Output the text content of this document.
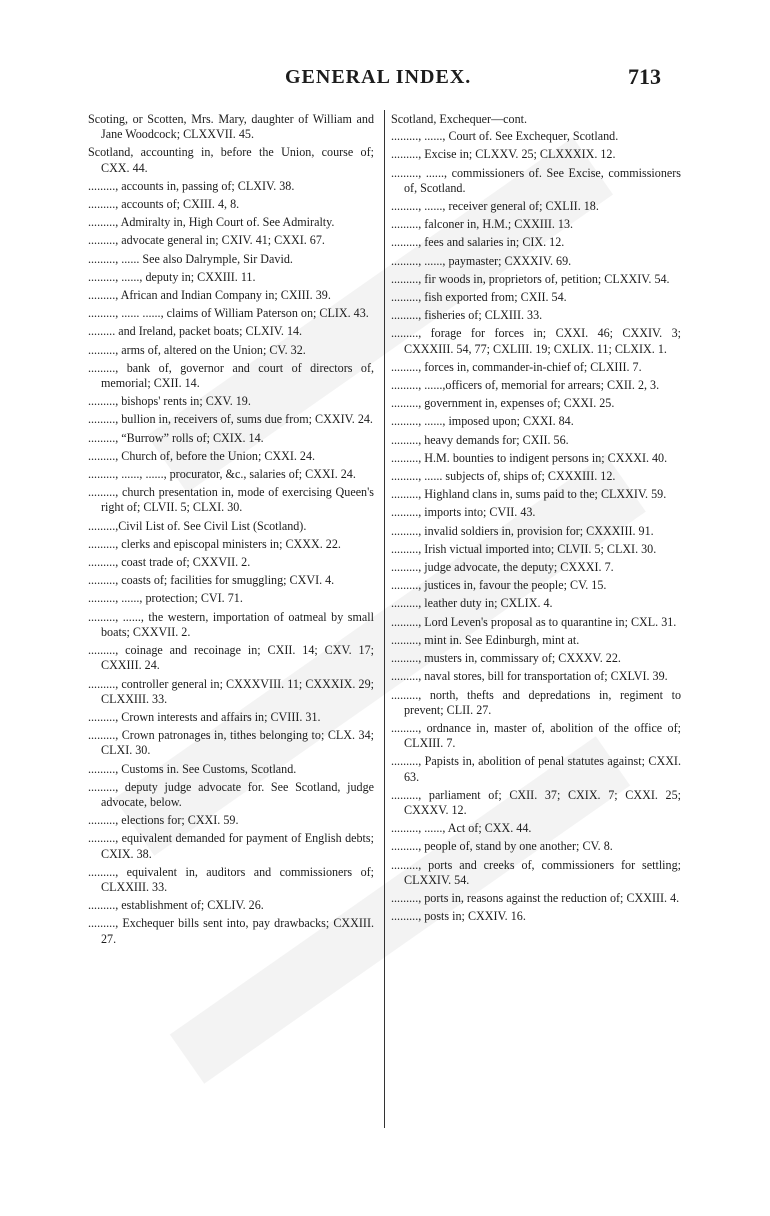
GENERAL INDEX.	713

Scoting, or Scotten, Mrs. Mary, daughter of William and Jane Woodcock; CLXXVII. 45.

Scotland, accounting in, before the Union, course of; CXX. 44.

........., accounts in, passing of; CLXIV. 38.

........., accounts of; CXIII. 4, 8.

........., Admiralty in, High Court of. See Admiralty.

........., advocate general in; CXIV. 41; CXXI. 67.

........., ...... See also Dalrymple, Sir David.

........., ......, deputy in; CXXIII. 11.

........., African and Indian Company in; CXIII. 39.

........., ...... ......, claims of William Paterson on; CLIX. 43.

......... and Ireland, packet boats; CLXIV. 14.

........., arms of, altered on the Union; CV. 32.

........., bank of, governor and court of directors of, memorial; CXII. 14.

........., bishops' rents in; CXV. 19.

........., bullion in, receivers of, sums due from; CXXIV. 24.

........., “Burrow” rolls of; CXIX. 14.

........., Church of, before the Union; CXXI. 24.

........., ......, ......, procurator, &c., salaries of; CXXI. 24.

........., church presentation in, mode of exercising Queen's right of; CLVII. 5; CLXI. 30.

.........,Civil List of. See Civil List (Scotland).

........., clerks and episcopal ministers in; CXXX. 22.

........., coast trade of; CXXVII. 2.

........., coasts of; facilities for smuggling; CXVI. 4.

........., ......, protection; CVI. 71.

........., ......, the western, importation of oatmeal by small boats; CXXVII. 2.

........., coinage and recoinage in; CXII. 14; CXV. 17; CXXIII. 24.

........., controller general in; CXXXVIII. 11; CXXXIX. 29; CLXXIII. 33.

........., Crown interests and affairs in; CVIII. 31.

........., Crown patronages in, tithes belonging to; CLX. 34; CLXI. 30.

........., Customs in. See Customs, Scotland.

........., deputy judge advocate for. See Scotland, judge advocate, below.

........., elections for; CXXI. 59.

........., equivalent demanded for payment of English debts; CXIX. 38.

........., equivalent in, auditors and commissioners of; CLXXIII. 33.

........., establishment of; CXLIV. 26.

........., Exchequer bills sent into, pay drawbacks; CXXIII. 27.

Scotland, Exchequer—cont.

........., ......, Court of. See Exchequer, Scotland.

........., Excise in; CLXXV. 25; CLXXXIX. 12.

........., ......, commissioners of. See Excise, commissioners of, Scotland.

........., ......, receiver general of; CXLII. 18.

........., falconer in, H.M.; CXXIII. 13.

........., fees and salaries in; CIX. 12.

........., ......, paymaster; CXXXIV. 69.

........., fir woods in, proprietors of, petition; CLXXIV. 54.

........., fish exported from; CXII. 54.

........., fisheries of; CLXIII. 33.

........., forage for forces in; CXXI. 46; CXXIV. 3; CXXXIII. 54, 77; CXLIII. 19; CXLIX. 11; CLXIX. 1.

........., forces in, commander-in-chief of; CLXIII. 7.

........., ......,officers of, memorial for arrears; CXII. 2, 3.

........., government in, expenses of; CXXI. 25.

........., ......, imposed upon; CXXI. 84.

........., heavy demands for; CXII. 56.

........., H.M. bounties to indigent persons in; CXXXI. 40.

........., ...... subjects of, ships of; CXXXIII. 12.

........., Highland clans in, sums paid to the; CLXXIV. 59.

........., imports into; CVII. 43.

........., invalid soldiers in, provision for; CXXXIII. 91.

........., Irish victual imported into; CLVII. 5; CLXI. 30.

........., judge advocate, the deputy; CXXXI. 7.

........., justices in, favour the people; CV. 15.

........., leather duty in; CXLIX. 4.

........., Lord Leven's proposal as to quarantine in; CXL. 31.

........., mint in. See Edinburgh, mint at.

........., musters in, commissary of; CXXXV. 22.

........., naval stores, bill for transportation of; CXLVI. 39.

........., north, thefts and depredations in, regiment to prevent; CLII. 27.

........., ordnance in, master of, abolition of the office of; CLXIII. 7.

........., Papists in, abolition of penal statutes against; CXXI. 63.

........., parliament of; CXII. 37; CXIX. 7; CXXI. 25; CXXXV. 12.

........., ......, Act of; CXX. 44.

........., people of, stand by one another; CV. 8.

........., ports and creeks of, commissioners for settling; CLXXIV. 54.

........., ports in, reasons against the reduction of; CXXIII. 4.

........., posts in; CXXIV. 16.
